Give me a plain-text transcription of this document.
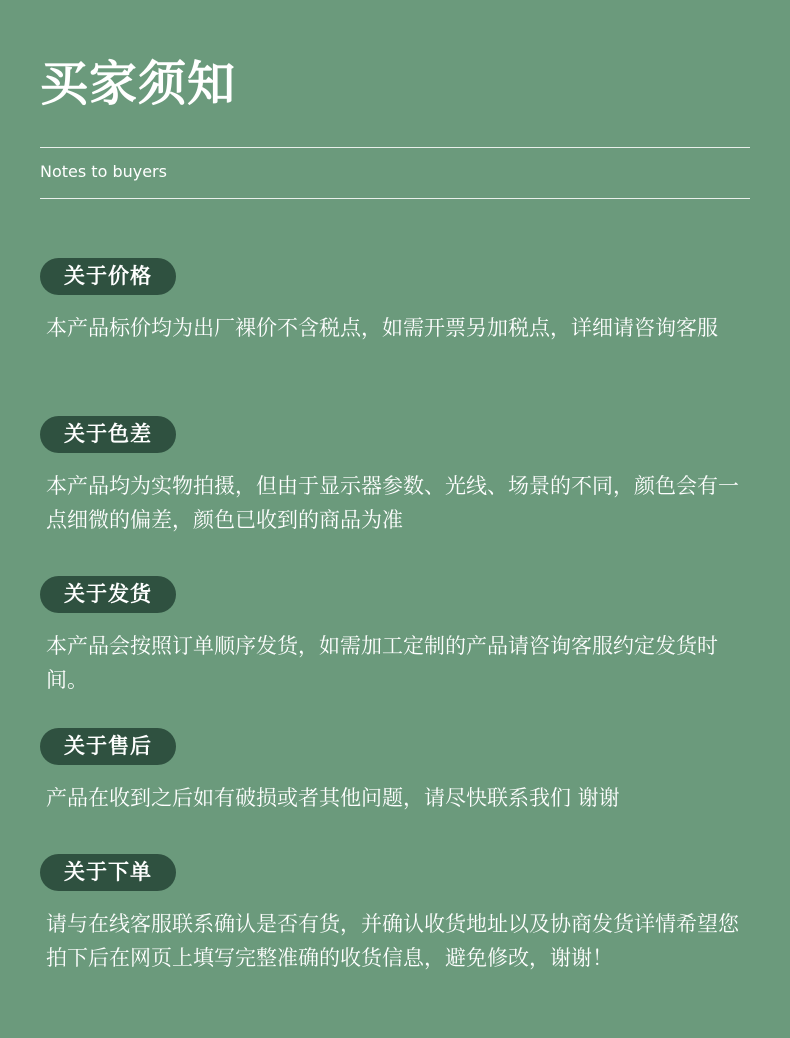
买家须知

Notes to buyers

关于价格

本产品标价均为出厂裸价不含税点，如需开票另加税点，详细请咨询客服

关于色差

本产品均为实物拍摄，但由于显示器参数、光线、场景的不同，颜色会有一点细微的偏差，颜色已收到的商品为准

关于发货

本产品会按照订单顺序发货，如需加工定制的产品请咨询客服约定发货时间。

关于售后

产品在收到之后如有破损或者其他问题，请尽快联系我们 谢谢

关于下单

请与在线客服联系确认是否有货，并确认收货地址以及协商发货详情希望您拍下后在网页上填写完整准确的收货信息，避免修改，谢谢！
